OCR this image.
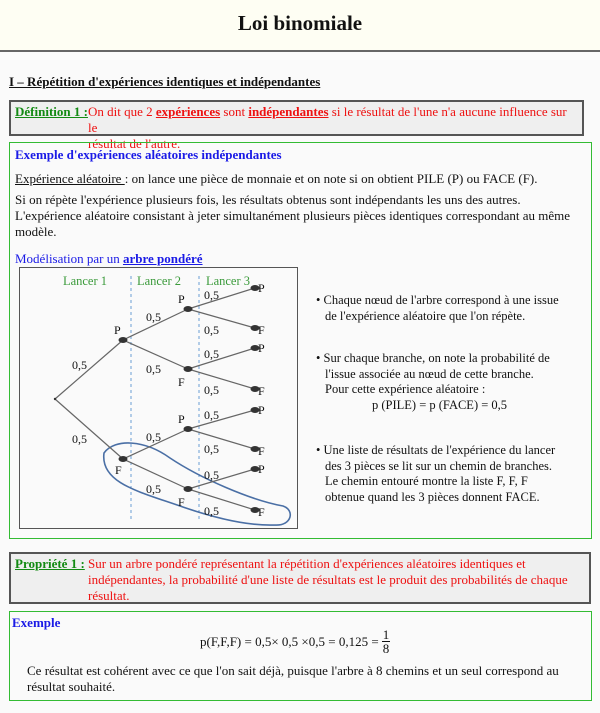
Loi binomiale
I – Répétition d'expériences identiques et indépendantes
Définition 1 : On dit que 2 expériences sont indépendantes si le résultat de l'une n'a aucune influence sur le
résultat de l'autre.
Exemple d'expériences aléatoires indépendantes
Expérience aléatoire : on lance une pièce de monnaie et on note si on obtient PILE (P) ou FACE (F).
Si on répète l'expérience plusieurs fois, les résultats obtenus sont indépendants les uns des autres.
L'expérience aléatoire consistant à jeter simultanément plusieurs pièces identiques correspondant au même modèle.
Modélisation par un arbre pondéré
Lancer 1 Lancer 2 Lancer 3
P
F
P
F
P
F
P
F
P
F
P
F
P
F
0,5
0,5
0,5
0,5
0,5
0,5
0,5
0,5
0,5
0,5
0,5
0,5
0,5
0,5
• Chaque nœud de l'arbre correspond à une issue
de l'expérience aléatoire que l'on répète.
• Sur chaque branche, on note la probabilité de
l'issue associée au nœud de cette branche.
Pour cette expérience aléatoire :
p (PILE) = p (FACE) = 0,5
• Une liste de résultats de l'expérience du lancer
des 3 pièces se lit sur un chemin de branches.
Le chemin entouré montre la liste F, F, F
obtenue quand les 3 pièces donnent FACE.
Propriété 1 : Sur un arbre pondéré représentant la répétition d'expériences aléatoires identiques et
indépendantes, la probabilité d'une liste de résultats est le produit des probabilités de chaque
résultat.
Exemple
$p(F,F,F) = 0,5\times 0,5 \times 0,5 = 0,125 = \frac{1}{8}$
Ce résultat est cohérent avec ce que l'on sait déjà, puisque l'arbre à 8 chemins et un seul correspond au
résultat souhaité.
